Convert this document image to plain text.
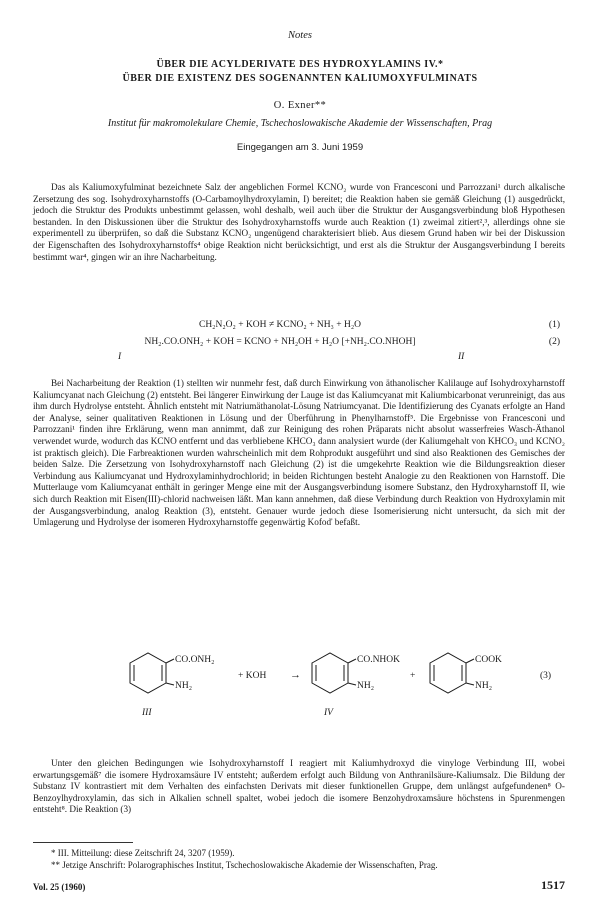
Notes
ÜBER DIE ACYLDERIVATE DES HYDROXYLAMINS IV.*
ÜBER DIE EXISTENZ DES SOGENANNTEN KALIUMOXYFULMINATS
O. Exner**
Institut für makromolekulare Chemie, Tschechoslowakische Akademie der Wissenschaften, Prag
Eingegangen am 3. Juni 1959

Das als Kaliumoxyfulminat bezeichnete Salz der angeblichen Formel KCNO₂ wurde von Francesconi und Parrozzani¹ durch alkalische Zersetzung des sog. Isohydroxyharnstoffs (O-Carbamoylhydroxylamin, I) bereitet; die Reaktion haben sie gemäß Gleichung (1) ausgedrückt, jedoch die Struktur des Produkts unbestimmt gelassen, wohl deshalb, weil auch über die Struktur der Ausgangsverbindung bloß Hypothesen bestanden. In den Diskussionen über die Struktur des Isohydroxyharnstoffs wurde auch Reaktion (1) zweimal zitiert²,³, allerdings ohne sie experimentell zu überprüfen, so daß die Substanz KCNO₂ ungenügend charakterisiert blieb. Aus diesem Grund haben wir bei der Diskussion der Eigenschaften des Isohydroxyharnstoffs⁴ obige Reaktion nicht berücksichtigt, und erst als die Struktur der Ausgangsverbindung I bereits bestimmt war⁴, gingen wir an ihre Nacharbeitung.

CH₂N₂O₂ + KOH ≠ KCNO₂ + NH₃ + H₂O	(1)
NH₂.CO.ONH₂ + KOH = KCNO + NH₂OH + H₂O [+NH₂.CO.NHOH]	(2)
I	II

Bei Nacharbeitung der Reaktion (1) stellten wir nunmehr fest, daß durch Einwirkung von äthanolischer Kalilauge auf Isohydroxyharnstoff Kaliumcyanat nach Gleichung (2) entsteht. Bei längerer Einwirkung der Lauge ist das Kaliumcyanat mit Kaliumbicarbonat verunreinigt, das aus ihm durch Hydrolyse entsteht. Ähnlich entsteht mit Natriumäthanolat-Lösung Natriumcyanat. Die Identifizierung des Cyanats erfolgte an Hand der Analyse, seiner qualitativen Reaktionen in Lösung und der Überführung in Phenylharnstoff⁵. Die Ergebnisse von Francesconi und Parrozzani¹ finden ihre Erklärung, wenn man annimmt, daß zur Reinigung des rohen Präparats nicht absolut wasserfreies Wasch-Äthanol verwendet wurde, wodurch das KCNO entfernt und das verbliebene KHCO₃ dann analysiert wurde (der Kaliumgehalt von KHCO₃ und KCNO₂ ist praktisch gleich). Die Farbreaktionen wurden wahrscheinlich mit dem Rohprodukt ausgeführt und sind also Reaktionen des Gemisches der beiden Salze. Die Zersetzung von Isohydroxyharnstoff nach Gleichung (2) ist die umgekehrte Reaktion wie die Bildungsreaktion dieser Verbindung aus Kaliumcyanat und Hydroxylaminhydrochlorid; in beiden Richtungen besteht Analogie zu den Reaktionen von Harnstoff. Die Mutterlauge vom Kaliumcyanat enthält in geringer Menge eine mit der Ausgangsverbindung isomere Substanz, den Hydroxyharnstoff II, wie sich durch Reaktion mit Eisen(III)-chlorid nachweisen läßt. Man kann annehmen, daß diese Verbindung durch Reaktion von Hydroxylamin mit der Ausgangsverbindung, analog Reaktion (3), entsteht. Genauer wurde jedoch diese Isomerisierung nicht untersucht, da sich mit der Umlagerung und Hydrolyse der isomeren Hydroxyharnstoffe gegenwärtig Kofoď befaßt.

CO.ONH₂
NH₂
III
+ KOH →
CO.NHOK
NH₂
IV
+
COOK
NH₂
(3)

Unter den gleichen Bedingungen wie Isohydroxyharnstoff I reagiert mit Kaliumhydroxyd die vinyloge Verbindung III, wobei erwartungsgemäß⁷ die isomere Hydroxamsäure IV entsteht; außerdem erfolgt auch Bildung von Anthranilsäure-Kaliumsalz. Die Bildung der Substanz IV kontrastiert mit dem Verhalten des einfachsten Derivats mit dieser funktionellen Gruppe, dem unlängst aufgefundenen⁸ O-Benzoylhydroxylamin, das sich in Alkalien schnell spaltet, wobei jedoch die isomere Benzohydroxamsäure höchstens in Spurenmengen entsteht⁸. Die Reaktion (3)

* III. Mitteilung: diese Zeitschrift 24, 3207 (1959).
** Jetzige Anschrift: Polarographisches Institut, Tschechoslowakische Akademie der Wissenschaften, Prag.
Vol. 25 (1960)	1517
